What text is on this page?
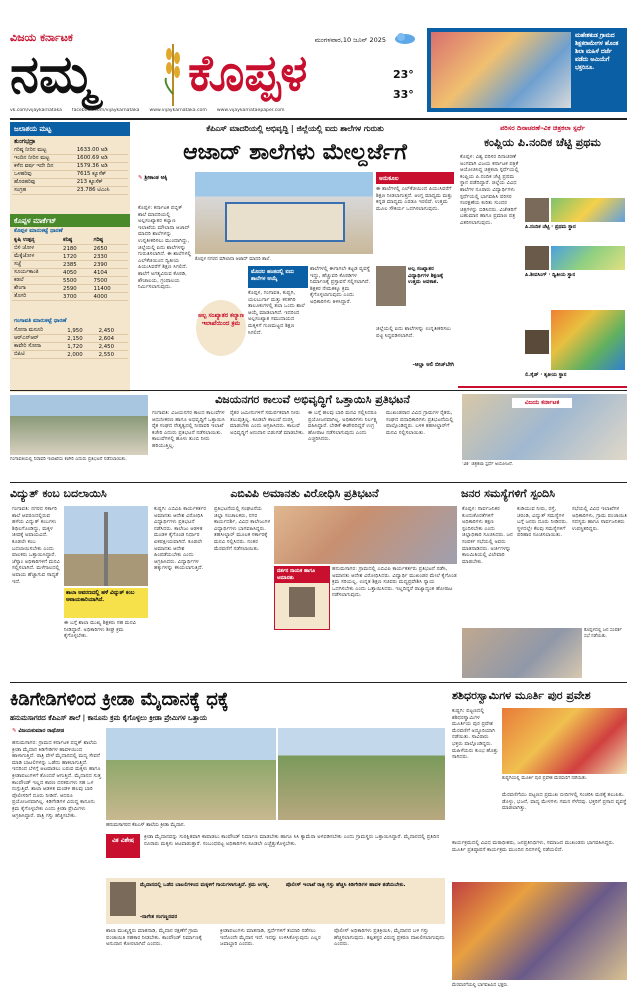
ವಿಜಯ ಕರ್ನಾಟಕ
ನಮ್ಮ	ಕೊಪ್ಪಳ
ಮಂಗಳವಾರ,10 ಜೂನ್ 2025
23°
33°
ಮಹೇಶಕುಡ ಗ್ರಾಮದ ಶಿಕ್ಷಕರಾಮೇಗಳ ಹೊಂತ ಶಿಲಾ ಮಹಿಳೆ ದರ್ಜೆ ಪಡೆದು ಅಮಿಯೆಗೆ ಭಕ್ತರಿನೂ.
vk.com/vijaykarnataka facebook.com/vijaykarnataka www.vijaykarnataka.com www.vijaykarnataepaper.com
ಜಲಾಶಯ ಮಟ್ಟ
ತುಂಗಭದ್ರಾ
ಗರಿಷ್ಠ ನೀರಿನ ಮಟ್ಟ	1633.00 ಅಡಿ
ಇಂದಿನ ನೀರಿನ ಮಟ್ಟ	1600.69 ಅಡಿ
ಕಳೆದ ವರ್ಷ ಇದೇ ದಿನ	1579.36 ಅಡಿ
ಒಳಹರಿವು	7615 ಕ್ಯೂಸೆಕ್
ಹೊರಹರಿವು	213 ಕ್ಯೂಸೆಕ್
ಸಂಗ್ರಹ	23.786 ಟಿಎಂಸಿ
ಕೊಪ್ಪಳ ಮಾರ್ಕೆಟ್
ಕೊಪ್ಪಳ ಮಾರುಕಟ್ಟೆ ಧಾರಣೆ
ಕೃಷಿ ಉತ್ಪನ್ನ	ಕನಿಷ್ಠ	ಗರಿಷ್ಠ
ಬಿಳಿ ಜೋಳ	2180	2650
ಮೆಕ್ಕೆಜೋಳ	1720	2330
ಸಜ್ಜೆ	2385	2390
ಸೂರ್ಯಕಾಂತಿ	4050	4104
ಕಡಲೆ	5500	7500
ಶೇಂಗಾ	2590	11400
ತೊಗರಿ	3700	4000
ಗಂಗಾವತಿ ಮಾರುಕಟ್ಟೆ ಧಾರಣೆ
ಸೋನಾ ಮಸೂರಿ	1,950	2,450
ಆರ್‌ಎನ್‌ಆರ್	2,150	2,604
ಕಾವೇರಿ ಸೋನಾ	1,720	2,450
ಬಿಪಿಟಿ	2,000	2,550
ಕೆಪಿಎಸ್ ಮಾದರಿಯಲ್ಲಿ ಅಭಿವೃದ್ಧಿ | ಜಿಲ್ಲೆಯಲ್ಲಿ ಐದು ಶಾಲೆಗಳ ಗುರುತು
ಆಜಾದ್ ಶಾಲೆಗಳು ಮೇಲ್ದರ್ಜೆಗೆ
✎ ಶ್ರೀಕಾಂತ ಅಕ್ಕಿ
ಕೊಪ್ಪಳ ನಗರದ ಮೌಲಾನಾ ಆಜಾದ್ ಮಾದರಿ ಶಾಲೆ.
ಅನುಕೂಲ
ಈ ಶಾಲೆಗಳಲ್ಲಿ ಎಲ್‌ಕೆಜಿಯಿಂದ ಪಿಯುಸಿವರೆಗೆ ಶಿಕ್ಷಣ ನೀಡಲಾಗುತ್ತದೆ. ಆಂಗ್ಲ ಮಾಧ್ಯಮ ಮತ್ತು ಕನ್ನಡ ಮಾಧ್ಯಮ ಎರಡೂ ಇರಲಿವೆ. ಉತ್ತಮ ಮೂಲ ಸೌಕರ್ಯ ಒದಗಿಸಲಾಗುವುದು.
ಕೊಪ್ಪಳ: ಕರ್ನಾಟಕ ಪಬ್ಲಿಕ್ ಶಾಲೆ ಮಾದರಿಯಲ್ಲಿ ಅಲ್ಪಸಂಖ್ಯಾತರ ಕಲ್ಯಾಣ ಇಲಾಖೆಯ ಮೌಲಾನಾ ಆಜಾದ್ ಮಾದರಿ ಶಾಲೆಗಳನ್ನು ಉನ್ನತೀಕರಿಸಲು ಮುಂದಾಗಿದ್ದು, ಜಿಲ್ಲೆಯಲ್ಲಿ ಐದು ಶಾಲೆಗಳನ್ನು ಗುರುತಿಸಲಾಗಿದೆ. ಈ ಶಾಲೆಗಳಲ್ಲಿ ಎಲ್‌ಕೆಜಿಯಿಂದ ದ್ವಿತೀಯ ಪಿಯುಸಿವರೆಗೆ ಶಿಕ್ಷಣ ಸಿಗಲಿದೆ. ಶಾಲೆಗೆ ಅಗತ್ಯವಿರುವ ಕೊಠಡಿ, ಶೌಚಾಲಯ, ಗ್ರಂಥಾಲಯ ನಿರ್ಮಿಸಲಾಗುವುದು.
ಅಲ್ಪ ಸಂಖ್ಯಾತರ ಕಲ್ಯಾಣ ಇಲಾಖೆಯಿಂದ ಕ್ರಮ
ಮೊದಲ ಹಂತದಲ್ಲಿ ಐದು ಶಾಲೆಗಳ ಆಯ್ಕೆ
ಕೊಪ್ಪಳ, ಗಂಗಾವತಿ, ಕುಷ್ಟಗಿ, ಯಲಬುರ್ಗಾ ಮತ್ತು ಕನಕಗಿರಿ ತಾಲೂಕುಗಳಲ್ಲಿ ತಲಾ ಒಂದು ಶಾಲೆ ಆಯ್ಕೆ ಮಾಡಲಾಗಿದೆ. ಇದರಿಂದ ಅಲ್ಪಸಂಖ್ಯಾತ ಸಮುದಾಯದ ಮಕ್ಕಳಿಗೆ ಗುಣಮಟ್ಟದ ಶಿಕ್ಷಣ ಸಿಗಲಿದೆ.
ಶಾಲೆಗಳಲ್ಲಿ ಈಗಾಗಲೇ ಕಟ್ಟಡ ವ್ಯವಸ್ಥೆ ಇದ್ದು, ಹೆಚ್ಚುವರಿ ಕೊಠಡಿಗಳ ನಿರ್ಮಾಣಕ್ಕೆ ಪ್ರಸ್ತಾವನೆ ಸಲ್ಲಿಸಲಾಗಿದೆ. ಶಿಕ್ಷಕರ ನೇಮಕಕ್ಕೂ ಕ್ರಮ ಕೈಗೊಳ್ಳಲಾಗುವುದು ಎಂದು ಅಧಿಕಾರಿಗಳು ತಿಳಿಸಿದ್ದಾರೆ.
ಅಲ್ಪ ಸಂಖ್ಯಾತರ ವಿದ್ಯಾರ್ಥಿಗಳ ಶಿಕ್ಷಣಕ್ಕೆ ಉತ್ತಮ ಅವಕಾಶ.
ಜಿಲ್ಲೆಯಲ್ಲಿ ಐದು ಶಾಲೆಗಳನ್ನು ಉನ್ನತೀಕರಿಸಲು ಪಟ್ಟಿ ಸಿದ್ಧಪಡಿಸಲಾಗಿದೆ.
-ಆಲ್ಲಾ ಅಲಿ ಬೀಜ್‌ಬೇಗಿ
ಪರಿಸರ ದಿನಾಚರಣೆ–ವಿಕ ಚಿತ್ರಕಲಾ ಸ್ಪರ್ಧೆ
ಕಂಪ್ಲಿಯ ಪಿ.ನಂದಿಕ ಚೆಟ್ಟಿ ಪ್ರಥಮ
ಕೊಪ್ಪಳ: ವಿಶ್ವ ಪರಿಸರ ದಿನಾಚರಣೆ ಅಂಗವಾಗಿ ವಿಜಯ ಕರ್ನಾಟಕ ಪತ್ರಿಕೆ ಆಯೋಜಿಸಿದ್ದ ಚಿತ್ರಕಲಾ ಸ್ಪರ್ಧೆಯಲ್ಲಿ ಕಂಪ್ಲಿಯ ಪಿ.ನಂದಿಕ ಚೆಟ್ಟಿ ಪ್ರಥಮ ಸ್ಥಾನ ಪಡೆದಿದ್ದಾರೆ. ಜಿಲ್ಲೆಯ ವಿವಿಧ ಶಾಲೆಗಳ ನೂರಾರು ವಿದ್ಯಾರ್ಥಿಗಳು ಸ್ಪರ್ಧೆಯಲ್ಲಿ ಭಾಗವಹಿಸಿ ಪರಿಸರ ಸಂರಕ್ಷಣೆಯ ಕುರಿತು ಸುಂದರ ಚಿತ್ರಗಳನ್ನು ಬಿಡಿಸಿದರು. ವಿಜೇತರಿಗೆ ಬಹುಮಾನ ಹಾಗೂ ಪ್ರಮಾಣ ಪತ್ರ ವಿತರಿಸಲಾಗುವುದು.
ಪಿ.ನಂದಿಕ ಚೆಟ್ಟಿ · ಪ್ರಥಮ ಸ್ಥಾನ
ಪಿ.ಶೀವಸಿಂಗ್ · ದ್ವಿತೀಯ ಸ್ಥಾನ
ಲಿ.ಸೈಡ್ · ತೃತೀಯ ಸ್ಥಾನ
ವಿಜಯನಗರ ಕಾಲುವೆ ಅಭಿವೃದ್ಧಿಗೆ ಒತ್ತಾಯಿಸಿ ಪ್ರತಿಭಟನೆ
ಗಂಗಾವತಿಯಲ್ಲಿ ನಿರಾವರಿ ಇಲಾಖೆಯ ಕಚೇರಿ ಎದುರು ಪ್ರತಿಭಟನೆ ನಡೆಸಲಾಯಿತು.
ಗಂಗಾವತಿ: ವಿಜಯನಗರ ಕಾಲದ ಕಾಲುವೆಗಳ ಆಧುನೀಕರಣ ಹಾಗೂ ಅಭಿವೃದ್ಧಿಗೆ ಒತ್ತಾಯಿಸಿ ರೈತ ಸಂಘದ ನೇತೃತ್ವದಲ್ಲಿ ನೀರಾವರಿ ಇಲಾಖೆ ಕಚೇರಿ ಎದುರು ಪ್ರತಿಭಟನೆ ನಡೆಸಲಾಯಿತು. ಕಾಲುವೆಗಳಲ್ಲಿ ಹೂಳು ತುಂಬಿ ನೀರು ಹರಿಯುತ್ತಿಲ್ಲ.
ರೈತರ ಜಮೀನುಗಳಿಗೆ ಸಮರ್ಪಕವಾಗಿ ನೀರು ತಲುಪುತ್ತಿಲ್ಲ. ಕೂಡಲೇ ಕಾಲುವೆ ದುರಸ್ತಿ ಮಾಡಬೇಕು ಎಂದು ಆಗ್ರಹಿಸಿದರು. ಕಾಲುವೆ ಅಭಿವೃದ್ಧಿಗೆ ಅನುದಾನ ಬಿಡುಗಡೆ ಮಾಡಬೇಕು.
ಈ ಬಗ್ಗೆ ಹಲವು ಬಾರಿ ಮನವಿ ಸಲ್ಲಿಸಿದರೂ ಪ್ರಯೋಜನವಾಗಿಲ್ಲ. ಅಧಿಕಾರಿಗಳು ನಿರ್ಲಕ್ಷ್ಯ ವಹಿಸಿದ್ದಾರೆ. ಬೇಡಿಕೆ ಈಡೇರದಿದ್ದರೆ ಉಗ್ರ ಹೋರಾಟ ನಡೆಸಲಾಗುವುದು ಎಂದು ಎಚ್ಚರಿಸಿದರು.
ಮುಖಂಡರಾದ ವಿವಿಧ ಗ್ರಾಮಗಳ ರೈತರು, ಸಂಘದ ಪದಾಧಿಕಾರಿಗಳು ಪ್ರತಿಭಟನೆಯಲ್ಲಿ ಪಾಲ್ಗೊಂಡಿದ್ದರು. ಬಳಿಕ ತಹಸೀಲ್ದಾರ್‌ಗೆ ಮನವಿ ಸಲ್ಲಿಸಲಾಯಿತು.
ವಿಜಯ ಕರ್ನಾಟಕ
‘ವಿಕ’ ಚಿತ್ರಕಲಾ ಸ್ಪರ್ಧೆ ಅಯೋಜನೆ.
ವಿದ್ಯುತ್ ಕಂಬ ಬದಲಾಯಿಸಿ
ಗಂಗಾವತಿ: ನಗರದ ಸರ್ಕಾರಿ ಶಾಲೆ ಆವರಣದಲ್ಲಿರುವ ಹಳೆಯ ವಿದ್ಯುತ್ ಕಂಬಗಳು ಶಿಥಿಲಗೊಂಡಿದ್ದು, ಮಕ್ಕಳ ಜೀವಕ್ಕೆ ಅಪಾಯವಿದೆ. ಕೂಡಲೇ ಕಂಬ ಬದಲಾಯಿಸಬೇಕು ಎಂದು ಪಾಲಕರು ಒತ್ತಾಯಿಸಿದ್ದಾರೆ. ಜೆಸ್ಕಾಂ ಅಧಿಕಾರಿಗಳಿಗೆ ಮನವಿ ಸಲ್ಲಿಸಲಾಗಿದೆ. ಮಳೆಗಾಲದಲ್ಲಿ ಅಪಾಯ ಹೆಚ್ಚಾಗುವ ಸಾಧ್ಯತೆ ಇದೆ.
ಶಾಲಾ ಆವರಣದಲ್ಲಿ ಹಳೆ ವಿದ್ಯುತ್ ಕಂಬ ಅಪಾಯಕಾರಿಯಾಗಿದೆ.
ಈ ಬಗ್ಗೆ ಶಾಲಾ ಮುಖ್ಯ ಶಿಕ್ಷಕರು ಸಹ ಮನವಿ ನೀಡಿದ್ದಾರೆ. ಅಧಿಕಾರಿಗಳು ಶೀಘ್ರ ಕ್ರಮ ಕೈಗೊಳ್ಳಬೇಕು.
ಎಬಿವಿಪಿ ಅಮಾನತು ವಿರೋಧಿಸಿ ಪ್ರತಿಭಟನೆ
ಕುಷ್ಟಗಿ: ಎಬಿವಿಪಿ ಕಾರ್ಯಕರ್ತರ ಅಮಾನತು ಆದೇಶ ವಿರೋಧಿಸಿ ವಿದ್ಯಾರ್ಥಿಗಳು ಪ್ರತಿಭಟನೆ ನಡೆಸಿದರು. ಕಾಲೇಜು ಆಡಳಿತ ಮಂಡಳಿ ಕೈಗೊಂಡ ನಿರ್ಧಾರ ಏಕಪಕ್ಷೀಯವಾಗಿದೆ. ಕೂಡಲೇ ಅಮಾನತು ಆದೇಶ ಹಿಂಪಡೆಯಬೇಕು ಎಂದು ಆಗ್ರಹಿಸಿದರು. ವಿದ್ಯಾರ್ಥಿಗಳ ಹಕ್ಕುಗಳನ್ನು ಕಸಿಯಲಾಗುತ್ತಿದೆ.
ಪ್ರತಿಭಟನೆಯಲ್ಲಿ ಸಂಘಟನೆಯ ಜಿಲ್ಲಾ ಸಂಚಾಲಕರು, ನಗರ ಕಾರ್ಯದರ್ಶಿ, ವಿವಿಧ ಕಾಲೇಜುಗಳ ವಿದ್ಯಾರ್ಥಿಗಳು ಭಾಗವಹಿಸಿದ್ದರು. ತಹಸೀಲ್ದಾರ್ ಮೂಲಕ ಸರ್ಕಾರಕ್ಕೆ ಮನವಿ ಸಲ್ಲಿಸಿದರು. ನಂತರ ಮೆರವಣಿಗೆ ನಡೆಸಲಾಯಿತು.
ದರ್ಶನ ನಾಯಕ ಹಾಗೂ ಅಮಾನತು
ಹನುಮಸಾಗರ: ಗ್ರಾಮದಲ್ಲಿ ಎಬಿವಿಪಿ ಕಾರ್ಯಕರ್ತರು ಪ್ರತಿಭಟನೆ ನಡೆಸಿ, ಅಮಾನತು ಆದೇಶ ವಿರೋಧಿಸಿದರು. ವಿದ್ಯಾರ್ಥಿ ಮುಖಂಡರ ಮೇಲೆ ಕೈಗೊಂಡ ಕ್ರಮ ಸರಿಯಲ್ಲ. ಉನ್ನತ ಶಿಕ್ಷಣ ಸಚಿವರು ಮಧ್ಯಪ್ರವೇಶಿಸಿ ನ್ಯಾಯ ಒದಗಿಸಬೇಕು ಎಂದು ಒತ್ತಾಯಿಸಿದರು. ಇಲ್ಲದಿದ್ದರೆ ರಾಜ್ಯಾದ್ಯಂತ ಹೋರಾಟ ನಡೆಸಲಾಗುವುದು.
ಜನರ ಸಮಸ್ಯೆಗಳಿಗೆ ಸ್ಪಂದಿಸಿ
ಕೊಪ್ಪಳ: ಸಾರ್ವಜನಿಕರ ಕುಂದುಕೊರತೆಗಳಿಗೆ ಅಧಿಕಾರಿಗಳು ತಕ್ಷಣ ಸ್ಪಂದಿಸಬೇಕು ಎಂದು ಜಿಲ್ಲಾಧಿಕಾರಿ ಸೂಚಿಸಿದರು. ಜನ ಸಂಪರ್ಕ ಸಭೆಯಲ್ಲಿ ಅವರು ಮಾತನಾಡಿದರು. ಅರ್ಜಿಗಳನ್ನು ಕಾಲಮಿತಿಯಲ್ಲಿ ವಿಲೇವಾರಿ ಮಾಡಬೇಕು.
ಕುಡಿಯುವ ನೀರು, ರಸ್ತೆ, ಚರಂಡಿ, ವಿದ್ಯುತ್ ಸಮಸ್ಯೆಗಳ ಬಗ್ಗೆ ಜನರು ದೂರು ನೀಡಿದರು. ಸ್ಥಳದಲ್ಲೇ ಕೆಲವು ಸಮಸ್ಯೆಗಳಿಗೆ ಪರಿಹಾರ ಸೂಚಿಸಲಾಯಿತು.
ಸಭೆಯಲ್ಲಿ ವಿವಿಧ ಇಲಾಖೆಗಳ ಅಧಿಕಾರಿಗಳು, ಗ್ರಾಮ ಪಂಚಾಯಿತಿ ಸದಸ್ಯರು ಹಾಗೂ ಸಾರ್ವಜನಿಕರು ಉಪಸ್ಥಿತರಿದ್ದರು.
ಕೊಪ್ಪಳದಲ್ಲಿ ಜನ ಸಂಪರ್ಕ ಸಭೆ ನಡೆಯಿತು.
ಕಿಡಿಗೇಡಿಗಳಿಂದ ಕ್ರೀಡಾ ಮೈದಾನಕ್ಕೆ ಧಕ್ಕೆ
ಹನುಮಸಾಗರದ ಕೆಪಿಎಸ್ ಶಾಲೆ | ಕಾನೂನು ಕ್ರಮ ಕೈಗೊಳ್ಳಲು ಕ್ರೀಡಾ ಪ್ರೇಮಿಗಳ ಒತ್ತಾಯ
✎ ವಿಜಯಕುಮಾರ ರಾಥೋಡ
ಹನುಮಸಾಗರ: ಗ್ರಾಮದ ಕರ್ನಾಟಕ ಪಬ್ಲಿಕ್ ಶಾಲೆಯ ಕ್ರೀಡಾ ಮೈದಾನ ಕಿಡಿಗೇಡಿಗಳ ಹಾವಳಿಯಿಂದ ಹಾಳಾಗುತ್ತಿದೆ. ರಾತ್ರಿ ವೇಳೆ ಮೈದಾನದಲ್ಲಿ ಮದ್ಯ ಸೇವನೆ ಮಾಡಿ ಬಾಟಲಿಗಳನ್ನು ಒಡೆದು ಹಾಕಲಾಗುತ್ತಿದೆ. ಇದರಿಂದ ಬೆಳಗ್ಗೆ ಆಟವಾಡಲು ಬರುವ ಮಕ್ಕಳು ಹಾಗೂ ಕ್ರೀಡಾಪಟುಗಳಿಗೆ ತೊಂದರೆ ಆಗುತ್ತಿದೆ. ಮೈದಾನದ ಸುತ್ತ ಕಾಂಪೌಂಡ್ ಇಲ್ಲದ ಕಾರಣ ದನಕರುಗಳು ಸಹ ಒಳ ನುಗ್ಗುತ್ತಿವೆ. ಶಾಲಾ ಆಡಳಿತ ಮಂಡಳಿ ಹಲವು ಬಾರಿ ಪೊಲೀಸರಿಗೆ ದೂರು ನೀಡಿದೆ. ಆದರೂ ಪ್ರಯೋಜನವಾಗಿಲ್ಲ. ಕಿಡಿಗೇಡಿಗಳ ವಿರುದ್ಧ ಕಾನೂನು ಕ್ರಮ ಕೈಗೊಳ್ಳಬೇಕು ಎಂದು ಕ್ರೀಡಾ ಪ್ರೇಮಿಗಳು ಆಗ್ರಹಿಸಿದ್ದಾರೆ. ರಾತ್ರಿ ಗಸ್ತು ಹೆಚ್ಚಿಸಬೇಕು.
ಹನುಮಸಾಗರದ ಕೆಪಿಎಸ್ ಶಾಲೆಯ ಕ್ರೀಡಾ ಮೈದಾನ.
ವಿಕ ವಿಶೇಷ	ಕ್ರೀಡಾ ಮೈದಾನವನ್ನು ಸುರಕ್ಷಿತವಾಗಿ ಕಾಪಾಡಲು ಕಾಂಪೌಂಡ್ ನಿರ್ಮಾಣ ಮಾಡಬೇಕು ಹಾಗೂ ಸಿಸಿ ಕ್ಯಾಮೆರಾ ಅಳವಡಿಸಬೇಕು ಎಂದು ಗ್ರಾಮಸ್ಥರು ಒತ್ತಾಯಿಸಿದ್ದಾರೆ. ಮೈದಾನದಲ್ಲಿ ಪ್ರತಿದಿನ ನೂರಾರು ಮಕ್ಕಳು ಆಟವಾಡುತ್ತಾರೆ. ಸಂಬಂಧಪಟ್ಟ ಅಧಿಕಾರಿಗಳು ಕೂಡಲೇ ಎಚ್ಚೆತ್ತುಕೊಳ್ಳಬೇಕು.
ಮೈದಾನದಲ್ಲಿ ಒಡೆದ ಬಾಟಲಿಗಳಿಂದ ಮಕ್ಕಳಿಗೆ ಗಾಯಗಳಾಗುತ್ತಿವೆ. ಕ್ರಮ ಅಗತ್ಯ.
-ನಾಗೇಶ ಸಂಗಣ್ಣನವರ
ಪೊಲೀಸ್ ಇಲಾಖೆ ರಾತ್ರಿ ಗಸ್ತು ಹೆಚ್ಚಿಸಿ ಕಿಡಿಗೇಡಿಗಳ ಹಾವಳಿ ತಡೆಯಬೇಕು.
ಶಾಲಾ ಮುಖ್ಯಸ್ಥರು ಮಾತನಾಡಿ, ಮೈದಾನ ರಕ್ಷಣೆಗೆ ಗ್ರಾಮ ಪಂಚಾಯಿತಿ ಸಹಕಾರ ನೀಡಬೇಕು. ಕಾಂಪೌಂಡ್ ನಿರ್ಮಾಣಕ್ಕೆ ಅನುದಾನ ಕೋರಲಾಗಿದೆ ಎಂದರು.
ಕ್ರೀಡಾಪಟುಗಳು ಮಾತನಾಡಿ, ಸ್ಪರ್ಧೆಗಳಿಗೆ ತಯಾರಿ ನಡೆಸಲು ಇದೊಂದೇ ಮೈದಾನ ಇದೆ. ಇದನ್ನು ಉಳಿಸಿಕೊಳ್ಳುವುದು ಎಲ್ಲರ ಜವಾಬ್ದಾರಿ ಎಂದರು.
ಪೊಲೀಸ್ ಅಧಿಕಾರಿಗಳು ಪ್ರತಿಕ್ರಿಯಿಸಿ, ಮೈದಾನದ ಬಳಿ ಗಸ್ತು ಹೆಚ್ಚಿಸಲಾಗುವುದು. ತಪ್ಪಿತಸ್ಥರ ವಿರುದ್ಧ ಪ್ರಕರಣ ದಾಖಲಿಸಲಾಗುವುದು ಎಂದರು.
ಶಶಿಧರಸ್ವಾಮಿಗಳ ಮೂರ್ತಿ ಪುರ ಪ್ರವೇಶ
ಕುಷ್ಟಗಿ: ಪಟ್ಟಣದಲ್ಲಿ ಶಶಿಧರಸ್ವಾಮಿಗಳ ಮೂರ್ತಿಯ ಪುರ ಪ್ರವೇಶ ಮೆರವಣಿಗೆ ಅದ್ದೂರಿಯಾಗಿ ನಡೆಯಿತು. ಸಾವಿರಾರು ಭಕ್ತರು ಪಾಲ್ಗೊಂಡಿದ್ದರು. ಮಹಿಳೆಯರು ಕುಂಭ ಹೊತ್ತು ಸಾಗಿದರು.
ಕುಷ್ಟಗಿಯಲ್ಲಿ ಮೂರ್ತಿ ಪುರ ಪ್ರವೇಶ ಮೆರವಣಿಗೆ ನಡೆಯಿತು.
ಮೆರವಣಿಗೆಯು ಪಟ್ಟಣದ ಪ್ರಮುಖ ಬೀದಿಗಳಲ್ಲಿ ಸಂಚರಿಸಿ ಮಠಕ್ಕೆ ತಲುಪಿತು. ಡೊಳ್ಳು, ಭಜನೆ, ವಾದ್ಯ ಮೇಳಗಳು ಗಮನ ಸೆಳೆದವು. ಭಕ್ತರಿಗೆ ಪ್ರಸಾದ ವ್ಯವಸ್ಥೆ ಮಾಡಲಾಗಿತ್ತು.
ಕಾರ್ಯಕ್ರಮದಲ್ಲಿ ವಿವಿಧ ಮಠಾಧೀಶರು, ಜನಪ್ರತಿನಿಧಿಗಳು, ಸಮಾಜದ ಮುಖಂಡರು ಭಾಗವಹಿಸಿದ್ದರು. ಮೂರ್ತಿ ಪ್ರತಿಷ್ಠಾಪನೆ ಕಾರ್ಯಕ್ರಮ ಮುಂದಿನ ದಿನಗಳಲ್ಲಿ ನಡೆಯಲಿದೆ.
ಮೆರವಣಿಗೆಯಲ್ಲಿ ಭಾಗವಹಿಸಿದ ಭಕ್ತರು.
